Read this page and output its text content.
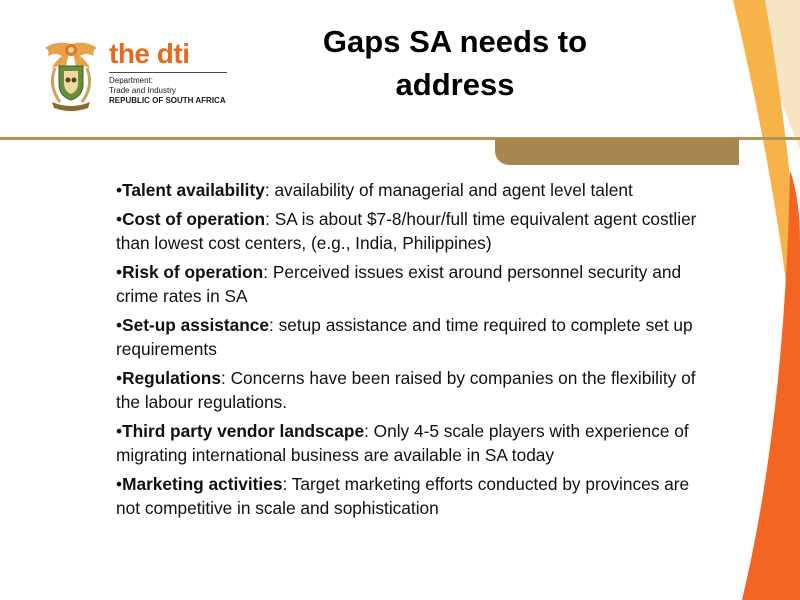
the dti
Department:
Trade and Industry
REPUBLIC OF SOUTH AFRICA
Gaps SA needs to
address
•Talent availability: availability of managerial and agent level talent
•Cost of operation: SA is about $7-8/hour/full time equivalent agent costlier than lowest cost centers, (e.g., India, Philippines)
•Risk of operation: Perceived issues exist around personnel security and crime rates in SA
•Set-up assistance: setup assistance and time required to complete set up requirements
•Regulations: Concerns have been raised by companies on the flexibility of the labour regulations.
•Third party vendor landscape: Only 4-5 scale players with experience of migrating international business are available in SA today
•Marketing activities: Target marketing efforts conducted by provinces are not competitive in scale and sophistication
